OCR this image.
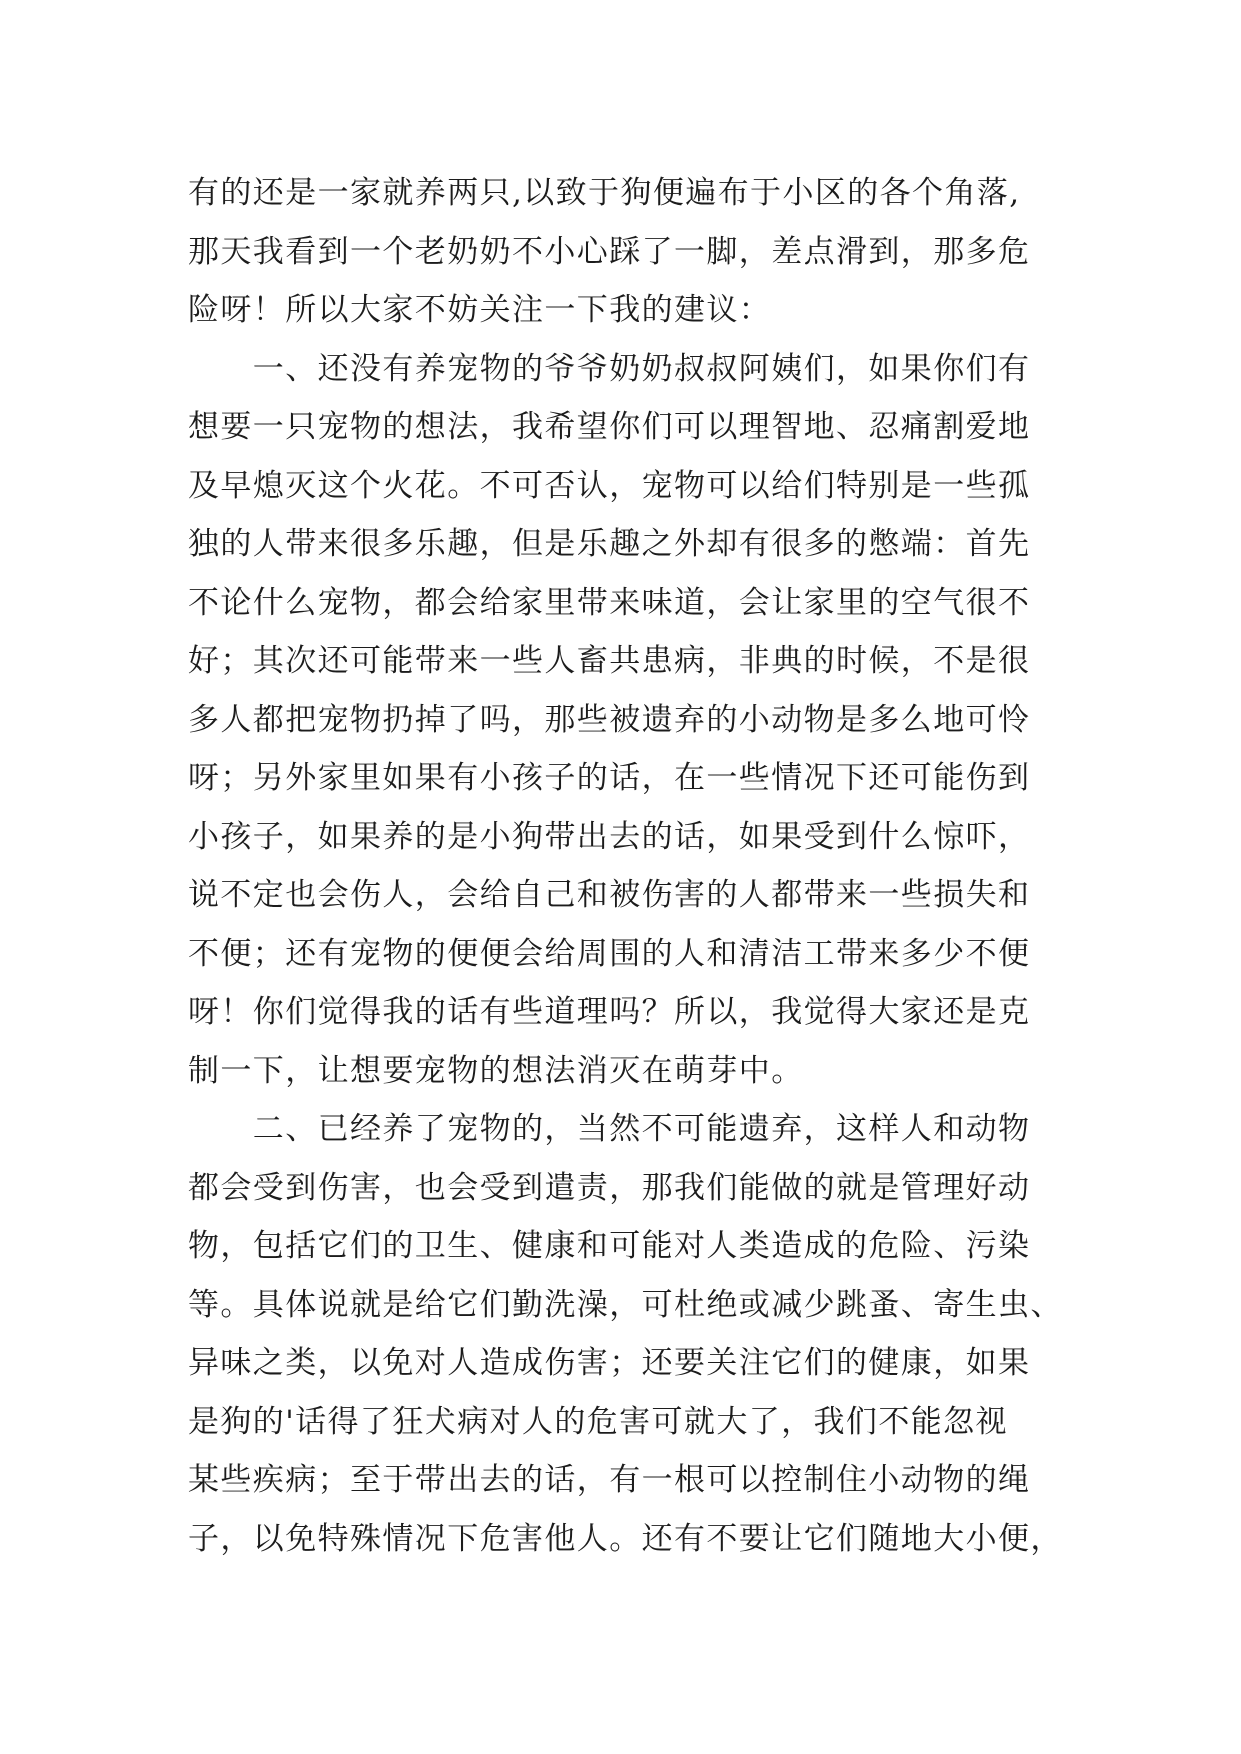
有的还是一家就养两只,以致于狗便遍布于小区的各个角落,
那天我看到一个老奶奶不小心踩了一脚，差点滑到，那多危
险呀！所以大家不妨关注一下我的建议：
　　一、还没有养宠物的爷爷奶奶叔叔阿姨们，如果你们有
想要一只宠物的想法，我希望你们可以理智地、忍痛割爱地
及早熄灭这个火花。不可否认，宠物可以给们特别是一些孤
独的人带来很多乐趣，但是乐趣之外却有很多的憋端：首先
不论什么宠物，都会给家里带来味道，会让家里的空气很不
好；其次还可能带来一些人畜共患病，非典的时候，不是很
多人都把宠物扔掉了吗，那些被遗弃的小动物是多么地可怜
呀；另外家里如果有小孩子的话，在一些情况下还可能伤到
小孩子，如果养的是小狗带出去的话，如果受到什么惊吓，
说不定也会伤人，会给自己和被伤害的人都带来一些损失和
不便；还有宠物的便便会给周围的人和清洁工带来多少不便
呀！你们觉得我的话有些道理吗？所以，我觉得大家还是克
制一下，让想要宠物的想法消灭在萌芽中。
　　二、已经养了宠物的，当然不可能遗弃，这样人和动物
都会受到伤害，也会受到遣责，那我们能做的就是管理好动
物，包括它们的卫生、健康和可能对人类造成的危险、污染
等。具体说就是给它们勤洗澡，可杜绝或减少跳蚤、寄生虫、
异味之类，以免对人造成伤害；还要关注它们的健康，如果
是狗的'话得了狂犬病对人的危害可就大了，我们不能忽视
某些疾病；至于带出去的话，有一根可以控制住小动物的绳
子，以免特殊情况下危害他人。还有不要让它们随地大小便，
